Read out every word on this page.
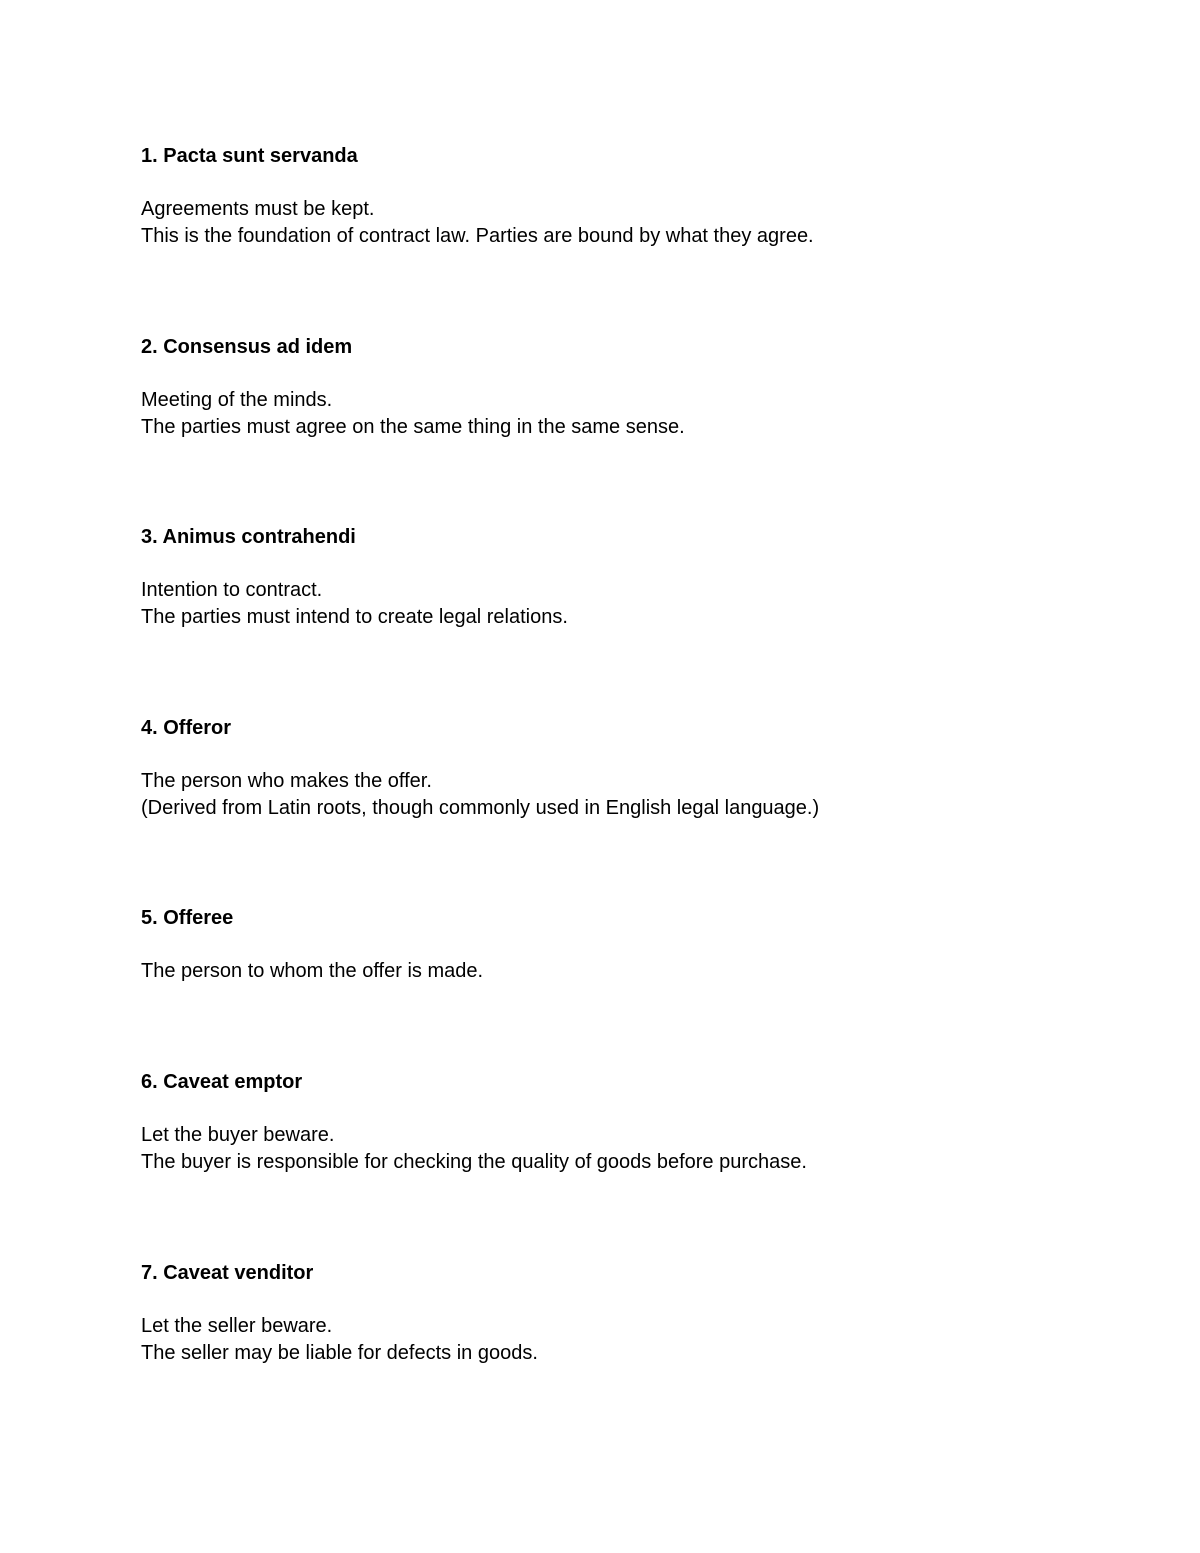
1. Pacta sunt servanda
Agreements must be kept.
This is the foundation of contract law. Parties are bound by what they agree.
2. Consensus ad idem
Meeting of the minds.
The parties must agree on the same thing in the same sense.
3. Animus contrahendi
Intention to contract.
The parties must intend to create legal relations.
4. Offeror
The person who makes the offer.
(Derived from Latin roots, though commonly used in English legal language.)
5. Offeree
The person to whom the offer is made.
6. Caveat emptor
Let the buyer beware.
The buyer is responsible for checking the quality of goods before purchase.
7. Caveat venditor
Let the seller beware.
The seller may be liable for defects in goods.
